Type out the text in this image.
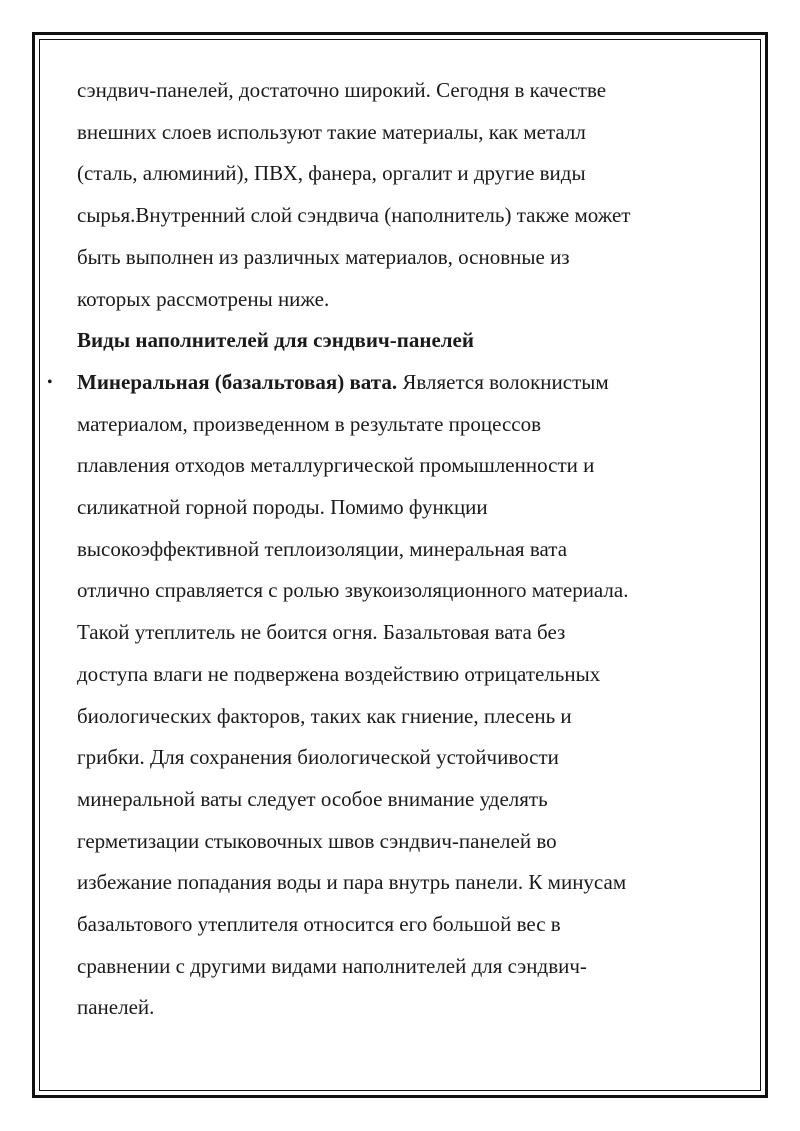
сэндвич-панелей, достаточно широкий. Сегодня в качестве
внешних слоев используют такие материалы, как металл
(сталь, алюминий), ПВХ, фанера, оргалит и другие виды
сырья.Внутренний слой сэндвича (наполнитель) также может
быть выполнен из различных материалов, основные из
которых рассмотрены ниже.
Виды наполнителей для сэндвич-панелей
• Минеральная (базальтовая) вата. Является волокнистым
материалом, произведенном в результате процессов
плавления отходов металлургической промышленности и
силикатной горной породы. Помимо функции
высокоэффективной теплоизоляции, минеральная вата
отлично справляется с ролью звукоизоляционного материала.
Такой утеплитель не боится огня. Базальтовая вата без
доступа влаги не подвержена воздействию отрицательных
биологических факторов, таких как гниение, плесень и
грибки. Для сохранения биологической устойчивости
минеральной ваты следует особое внимание уделять
герметизации стыковочных швов сэндвич-панелей во
избежание попадания воды и пара внутрь панели. К минусам
базальтового утеплителя относится его большой вес в
сравнении с другими видами наполнителей для сэндвич-
панелей.
